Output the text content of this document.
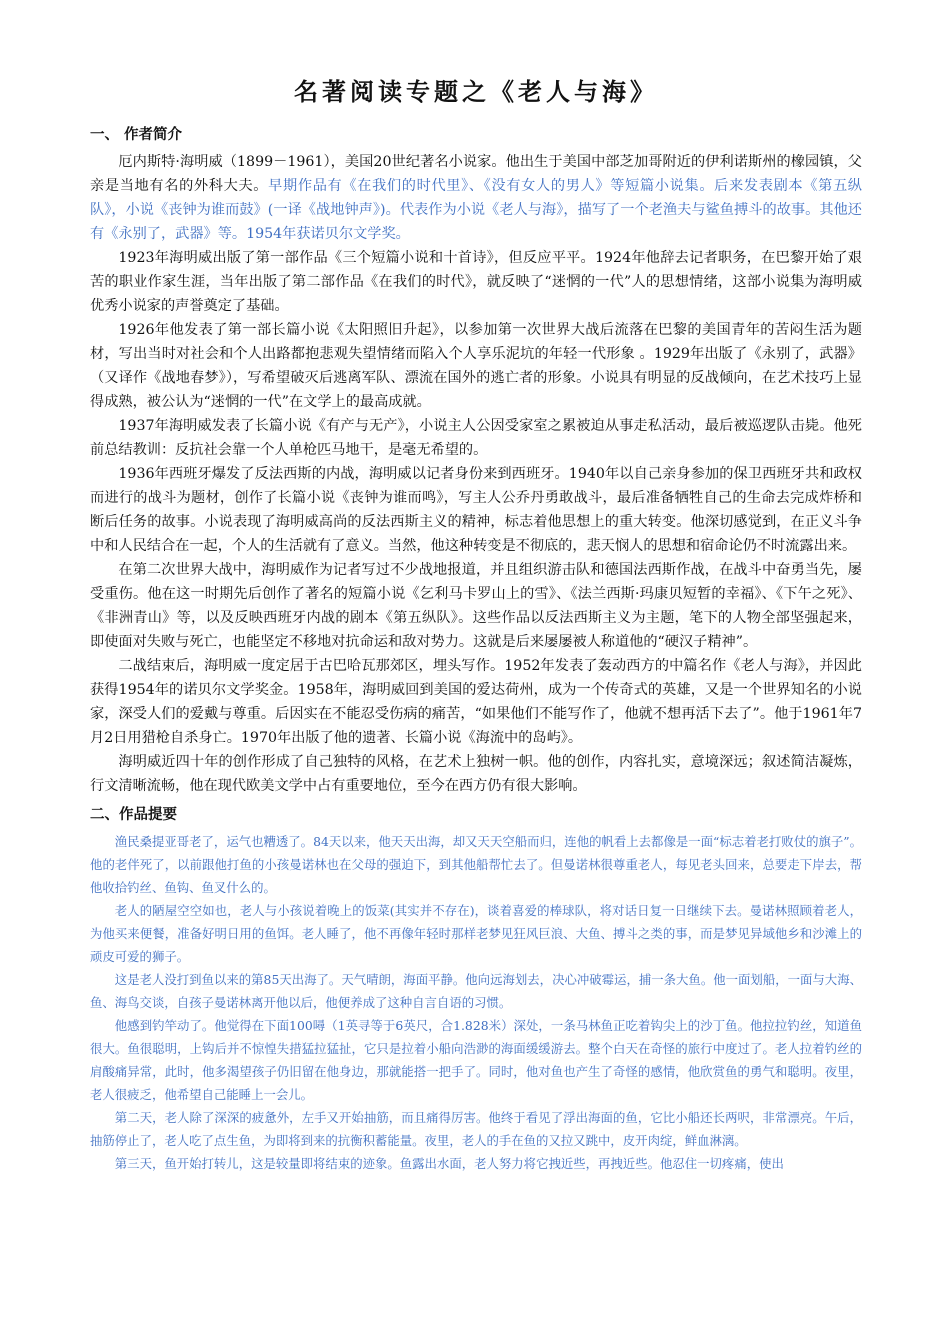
名著阅读专题之《老人与海》
一、 作者简介

厄内斯特·海明威（1899－1961），美国20世纪著名小说家。他出生于美国中部芝加哥附近的伊利诺斯州的橡园镇，父亲是当地有名的外科大夫。早期作品有《在我们的时代里》、《没有女人的男人》等短篇小说集。后来发表剧本《第五纵队》，小说《丧钟为谁而鼓》(一译《战地钟声》)。代表作为小说《老人与海》，描写了一个老渔夫与鲨鱼搏斗的故事。其他还有《永别了，武器》等。1954年获诺贝尔文学奖。

1923年海明威出版了第一部作品《三个短篇小说和十首诗》，但反应平平。1924年他辞去记者职务，在巴黎开始了艰苦的职业作家生涯，当年出版了第二部作品《在我们的时代》，就反映了“迷惘的一代”人的思想情绪，这部小说集为海明威优秀小说家的声誉奠定了基础。

1926年他发表了第一部长篇小说《太阳照旧升起》，以参加第一次世界大战后流落在巴黎的美国青年的苦闷生活为题材，写出当时对社会和个人出路都抱悲观失望情绪而陷入个人享乐泥坑的年轻一代形象 。1929年出版了《永别了，武器》（又译作《战地春梦》），写希望破灭后逃离军队、漂流在国外的逃亡者的形象。小说具有明显的反战倾向，在艺术技巧上显得成熟，被公认为“迷惘的一代”在文学上的最高成就。

1937年海明威发表了长篇小说《有产与无产》，小说主人公因受家室之累被迫从事走私活动，最后被巡逻队击毙。他死前总结教训：反抗社会靠一个人单枪匹马地干，是毫无希望的。

1936年西班牙爆发了反法西斯的内战，海明威以记者身份来到西班牙。1940年以自己亲身参加的保卫西班牙共和政权而进行的战斗为题材，创作了长篇小说《丧钟为谁而鸣》，写主人公乔丹勇敢战斗，最后准备牺牲自己的生命去完成炸桥和断后任务的故事。小说表现了海明威高尚的反法西斯主义的精神，标志着他思想上的重大转变。他深切感觉到，在正义斗争中和人民结合在一起，个人的生活就有了意义。当然，他这种转变是不彻底的，悲天悯人的思想和宿命论仍不时流露出来。

在第二次世界大战中，海明威作为记者写过不少战地报道，并且组织游击队和德国法西斯作战，在战斗中奋勇当先，屡受重伤。他在这一时期先后创作了著名的短篇小说《乞利马卡罗山上的雪》、《法兰西斯·玛康贝短暂的幸福》、《下午之死》、《非洲青山》等，以及反映西班牙内战的剧本《第五纵队》。这些作品以反法西斯主义为主题，笔下的人物全部坚强起来，即使面对失败与死亡，也能坚定不移地对抗命运和敌对势力。这就是后来屡屡被人称道他的“硬汉子精神”。

二战结束后，海明威一度定居于古巴哈瓦那郊区，埋头写作。1952年发表了轰动西方的中篇名作《老人与海》，并因此获得1954年的诺贝尔文学奖金。1958年，海明威回到美国的爱达荷州，成为一个传奇式的英雄，又是一个世界知名的小说家，深受人们的爱戴与尊重。后因实在不能忍受伤病的痛苦，“如果他们不能写作了，他就不想再活下去了”。他于1961年7月2日用猎枪自杀身亡。1970年出版了他的遗著、长篇小说《海流中的岛屿》。

海明威近四十年的创作形成了自己独特的风格，在艺术上独树一帜。他的创作，内容扎实，意境深远；叙述简洁凝炼，行文清晰流畅，他在现代欧美文学中占有重要地位，至今在西方仍有很大影响。

二、作品提要

渔民桑提亚哥老了，运气也糟透了。84天以来，他天天出海，却又天天空船而归，连他的帆看上去都像是一面“标志着老打败仗的旗子”。他的老伴死了，以前跟他打鱼的小孩曼诺林也在父母的强迫下，到其他船帮忙去了。但曼诺林很尊重老人，每见老头回来，总要走下岸去，帮他收拾钓丝、鱼钩、鱼叉什么的。

老人的陋屋空空如也，老人与小孩说着晚上的饭菜(其实并不存在)，谈着喜爱的棒球队，将对话日复一日继续下去。曼诺林照顾着老人，为他买来便餐，准备好明日用的鱼饵。老人睡了，他不再像年轻时那样老梦见狂风巨浪、大鱼、搏斗之类的事，而是梦见异域他乡和沙滩上的顽皮可爱的狮子。

这是老人没打到鱼以来的第85天出海了。天气晴朗，海面平静。他向远海划去，决心冲破霉运，捕一条大鱼。他一面划船，一面与大海、鱼、海鸟交谈，自孩子曼诺林离开他以后，他便养成了这种自言自语的习惯。

他感到钓竿动了。他觉得在下面100噚（1英寻等于6英尺，合1.828米）深处，一条马林鱼正吃着钩尖上的沙丁鱼。他拉拉钓丝，知道鱼很大。鱼很聪明，上钩后并不惊惶失措猛拉猛扯，它只是拉着小船向浩渺的海面缓缓游去。整个白天在奇怪的旅行中度过了。老人拉着钓丝的肩酸痛异常，此时，他多渴望孩子仍旧留在他身边，那就能搭一把手了。同时，他对鱼也产生了奇怪的感情，他欣赏鱼的勇气和聪明。夜里，老人很疲乏，他希望自己能睡上一会儿。

第二天，老人除了深深的疲惫外，左手又开始抽筋，而且痛得厉害。他终于看见了浮出海面的鱼，它比小船还长两呎，非常漂亮。午后，抽筋停止了，老人吃了点生鱼，为即将到来的抗衡积蓄能量。夜里，老人的手在鱼的又拉又跳中，皮开肉绽，鲜血淋漓。

第三天，鱼开始打转儿，这是较量即将结束的迹象。鱼露出水面，老人努力将它拽近些，再拽近些。他忍住一切疼痛，使出
